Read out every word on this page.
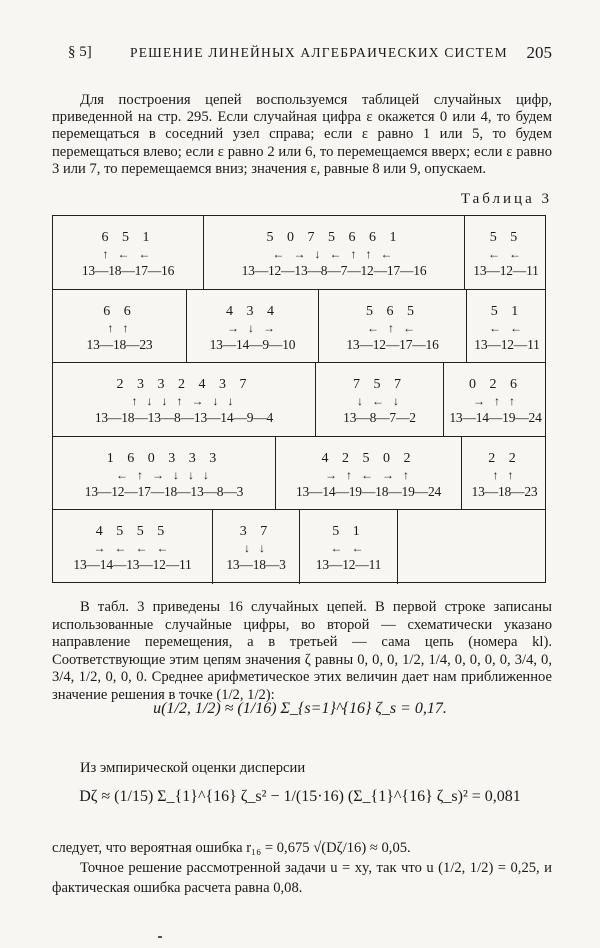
§ 5]	РЕШЕНИЕ ЛИНЕЙНЫХ АЛГЕБРАИЧЕСКИХ СИСТЕМ 205

Для построения цепей воспользуемся таблицей случайных цифр, приведенной на стр. 295. Если случайная цифра ε окажется 0 или 4, то будем перемещаться в соседний узел справа; если ε равно 1 или 5, то будем перемещаться влево; если ε равно 2 или 6, то перемещаемся вверх; если ε равно 3 или 7, то перемещаемся вниз; значения ε, равные 8 или 9, опускаем.

Таблица 3
6 5 1
↑ ← ←
13—18—17—16
5 0 7 5 6 6 1
← → ↓ ← ↑ ↑ ←
13—12—13—8—7—12—17—16
5 5
← ←
13—12—11
6 6
↑ ↑
13—18—23
4 3 4
→ ↓ →
13—14—9—10
5 6 5
← ↑ ←
13—12—17—16
5 1
← ←
13—12—11
2 3 3 2 4 3 7
↑ ↓ ↓ ↑ → ↓ ↓
13—18—13—8—13—14—9—4
7 5 7
↓ ← ↓
13—8—7—2
0 2 6
→ ↑ ↑
13—14—19—24
1 6 0 3 3 3
← ↑ → ↓ ↓ ↓
13—12—17—18—13—8—3
4 2 5 0 2
→ ↑ ← → ↑
13—14—19—18—19—24
2 2
↑ ↑
13—18—23
4 5 5 5
→ ← ← ←
13—14—13—12—11
3 7
↓ ↓
13—18—3
5 1
← ←
13—12—11

В табл. 3 приведены 16 случайных цепей. В первой строке записаны использованные случайные цифры, во второй — схематически указано направление перемещения, а в третьей — сама цепь (номера kl). Соответствующие этим цепям значения ζ равны 0, 0, 0, 1/2, 1/4, 0, 0, 0, 0, 3/4, 0, 3/4, 1/2, 0, 0, 0. Среднее арифметическое этих величин дает нам приближенное значение решения в точке (1/2, 1/2):

u(1/2, 1/2) ≈ (1/16) Σ_{s=1}^{16} ζ_s = 0,17.
Из эмпирической оценки дисперсии
Dζ ≈ (1/15) Σ_{1}^{16} ζ_s² − 1/(15·16) (Σ_{1}^{16} ζ_s)² = 0,081

следует, что вероятная ошибка r₁₆ = 0,675 √(Dζ/16) ≈ 0,05.

Точное решение рассмотренной задачи u = xy, так что u (1/2, 1/2) = 0,25, и фактическая ошибка расчета равна 0,08.
